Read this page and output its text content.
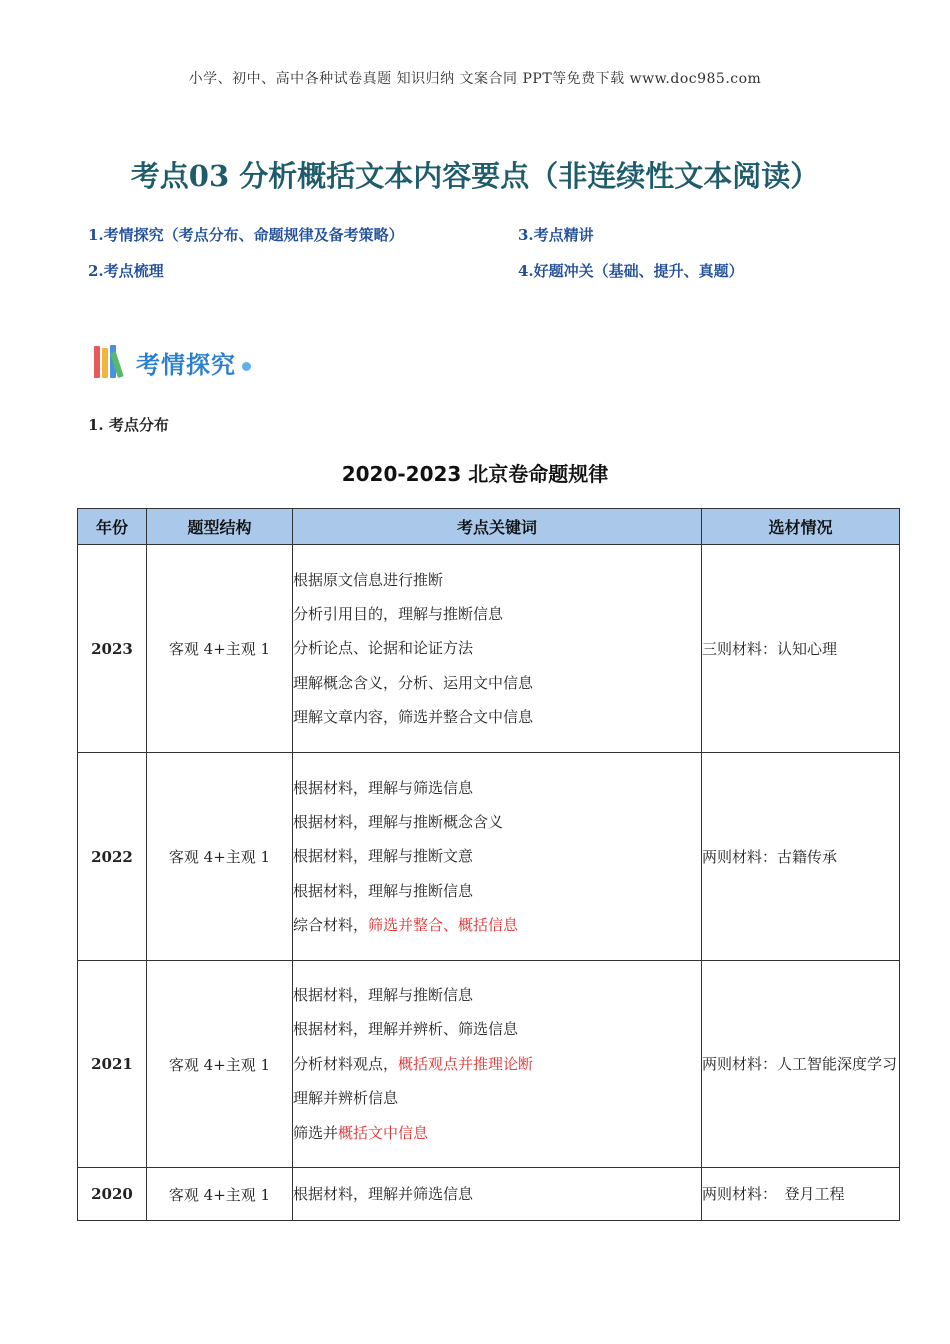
小学、初中、高中各种试卷真题 知识归纳 文案合同 PPT等免费下载 www.doc985.com
考点03 分析概括文本内容要点（非连续性文本阅读）
1.考情探究（考点分布、命题规律及备考策略）	3.考点精讲
2.考点梳理	4.好题冲关（基础、提升、真题）
考情探究
1. 考点分布
2020-2023 北京卷命题规律
年份	题型结构	考点关键词	选材情况
2023	客观 4+主观 1	根据原文信息进行推断
分析引用目的，理解与推断信息
分析论点、论据和论证方法
理解概念含义，分析、运用文中信息
理解文章内容，筛选并整合文中信息	三则材料：认知心理
2022	客观 4+主观 1	根据材料，理解与筛选信息
根据材料，理解与推断概念含义
根据材料，理解与推断文意
根据材料，理解与推断信息
综合材料，筛选并整合、概括信息	两则材料：古籍传承
2021	客观 4+主观 1	根据材料，理解与推断信息
根据材料，理解并辨析、筛选信息
分析材料观点，概括观点并推理论断
理解并辨析信息
筛选并概括文中信息	两则材料：人工智能深度学习
2020	客观 4+主观 1	根据材料，理解并筛选信息	两则材料：　登月工程
